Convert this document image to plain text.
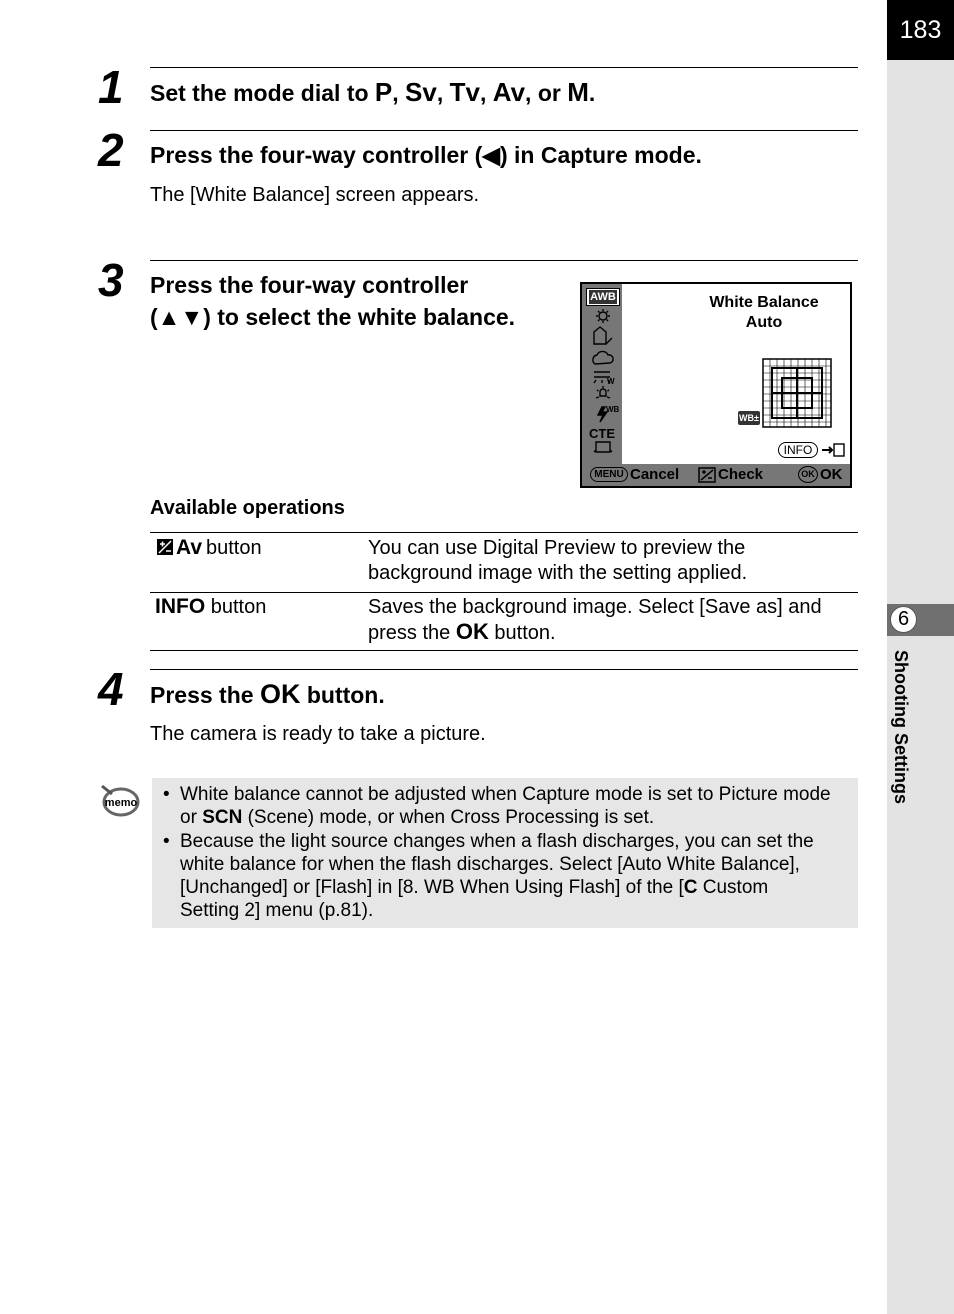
183
6
Shooting Settings
1 Set the mode dial to P, Sv, Tv, Av, or M.
2 Press the four-way controller (◀) in Capture mode.
The [White Balance] screen appears.
3 Press the four-way controller
(▲▼) to select the white balance.
AWB
W
WB
CTE
White Balance
Auto
WB±
INFO
MENU Cancel	Check	OK OK
Available operations
Av button	You can use Digital Preview to preview the
background image with the setting applied.
INFO button	Saves the background image. Select [Save as] and
press the OK button.
4 Press the OK button.
The camera is ready to take a picture.
memo • White balance cannot be adjusted when Capture mode is set to Picture mode
or SCN (Scene) mode, or when Cross Processing is set.
• Because the light source changes when a flash discharges, you can set the
white balance for when the flash discharges. Select [Auto White Balance],
[Unchanged] or [Flash] in [8. WB When Using Flash] of the [C Custom
Setting 2] menu (p.81).
